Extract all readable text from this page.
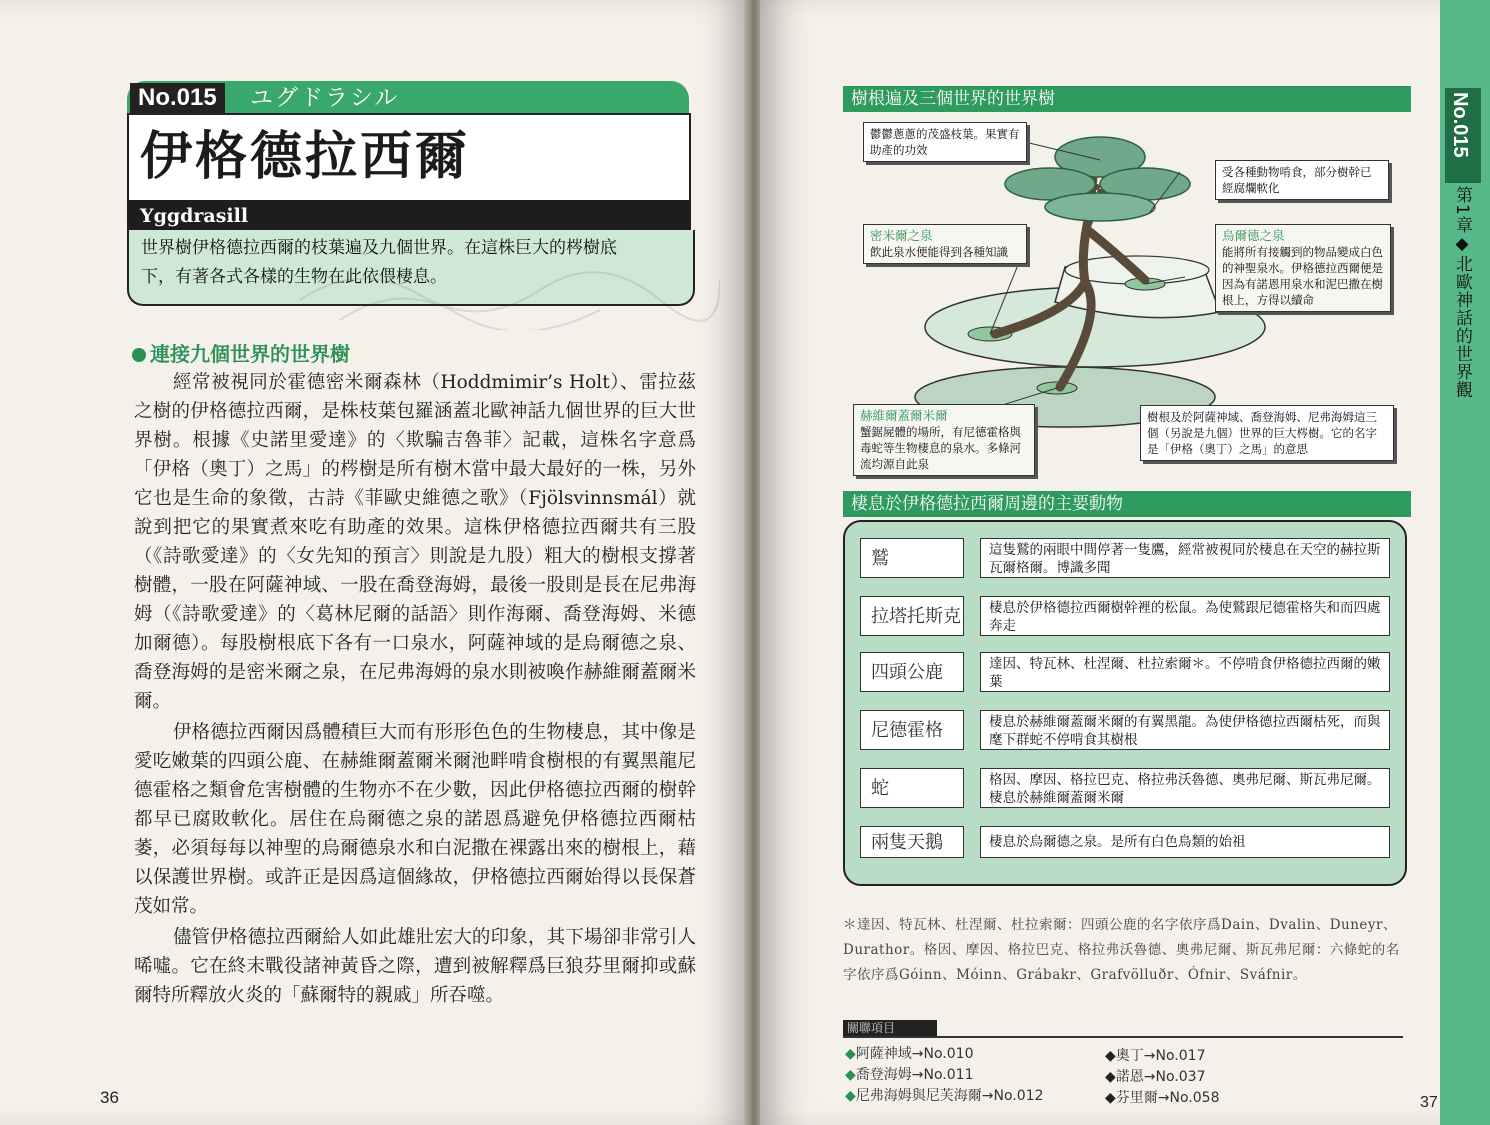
No.015	ユグドラシル
伊格德拉西爾
Yggdrasill
世界樹伊格德拉西爾的枝葉遍及九個世界。在這株巨大的梣樹底
下，有著各式各樣的生物在此依偎棲息。
連接九個世界的世界樹

經常被視同於霍德密米爾森林（Hoddmimir’s Holt）、雷拉茲之樹的伊格德拉西爾，是株枝葉包羅涵蓋北歐神話九個世界的巨大世界樹。根據《史諾里愛達》的〈欺騙吉魯菲〉記載，這株名字意爲「伊格（奧丁）之馬」的梣樹是所有樹木當中最大最好的一株，另外它也是生命的象徵，古詩《菲歐史維德之歌》（Fjölsvinnsmál）就說到把它的果實煮來吃有助產的效果。這株伊格德拉西爾共有三股（《詩歌愛達》的〈女先知的預言〉則說是九股）粗大的樹根支撐著樹體，一股在阿薩神域、一股在喬登海姆，最後一股則是長在尼弗海姆（《詩歌愛達》的〈葛林尼爾的話語〉則作海爾、喬登海姆、米德加爾德）。每股樹根底下各有一口泉水，阿薩神域的是烏爾德之泉、喬登海姆的是密米爾之泉，在尼弗海姆的泉水則被喚作赫維爾蓋爾米爾。

伊格德拉西爾因爲體積巨大而有形形色色的生物棲息，其中像是愛吃嫩葉的四頭公鹿、在赫維爾蓋爾米爾池畔啃食樹根的有翼黑龍尼德霍格之類會危害樹體的生物亦不在少數，因此伊格德拉西爾的樹幹都早已腐敗軟化。居住在烏爾德之泉的諾恩爲避免伊格德拉西爾枯萎，必須每每以神聖的烏爾德泉水和白泥撒在裸露出來的樹根上，藉以保護世界樹。或許正是因爲這個緣故，伊格德拉西爾始得以長保蒼茂如常。

儘管伊格德拉西爾給人如此雄壯宏大的印象，其下場卻非常引人唏噓。它在終末戰役諸神黃昏之際，遭到被解釋爲巨狼芬里爾抑或蘇爾特所釋放火炎的「蘇爾特的親戚」所吞噬。

36
No.015
第1章◆北歐神話的世界觀
樹根遍及三個世界的世界樹
鬱鬱蔥蔥的茂盛枝葉。果實有助產的功效
受各種動物啃食，部分樹幹已經腐爛軟化
密米爾之泉
飲此泉水便能得到各種知識
烏爾德之泉
能將所有接觸到的物品變成白色的神聖泉水。伊格德拉西爾便是因為有諾恩用泉水和泥巴撒在樹根上，方得以續命
赫維爾蓋爾米爾
蟹鋸屍體的場所，有尼德霍格與毒蛇等生物棲息的泉水。多條河流均源自此泉
樹根及於阿薩神域、喬登海姆、尼弗海姆這三個（另說是九個）世界的巨大梣樹。它的名字是「伊格（奧丁）之馬」的意思
棲息於伊格德拉西爾周邊的主要動物
鷲	這隻鷲的兩眼中間停著一隻鷹，經常被視同於棲息在天空的赫拉斯瓦爾格爾。博識多聞
拉塔托斯克	棲息於伊格德拉西爾樹幹裡的松鼠。為使鷲跟尼德霍格失和而四處奔走
四頭公鹿	達因、特瓦林、杜涅爾、杜拉索爾＊。不停啃食伊格德拉西爾的嫩葉
尼德霍格	棲息於赫維爾蓋爾米爾的有翼黑龍。為使伊格德拉西爾枯死，而與麾下群蛇不停啃食其樹根
蛇	格因、摩因、格拉巴克、格拉弗沃魯德、奧弗尼爾、斯瓦弗尼爾。棲息於赫維爾蓋爾米爾
兩隻天鵝	棲息於烏爾德之泉。是所有白色鳥類的始祖
＊達因、特瓦林、杜涅爾、杜拉索爾：四頭公鹿的名字依序爲Dain、Dvalin、Duneyr、Durathor。格因、摩因、格拉巴克、格拉弗沃魯德、奧弗尼爾、斯瓦弗尼爾：六條蛇的名字依序爲Góinn、Móinn、Grábakr、Grafvölluðr、Ófnir、Sváfnir。
關聯項目
◆阿薩神域→No.010
◆喬登海姆→No.011
◆尼弗海姆與尼芙海爾→No.012
◆奧丁→No.017
◆諾恩→No.037
◆芬里爾→No.058	37
